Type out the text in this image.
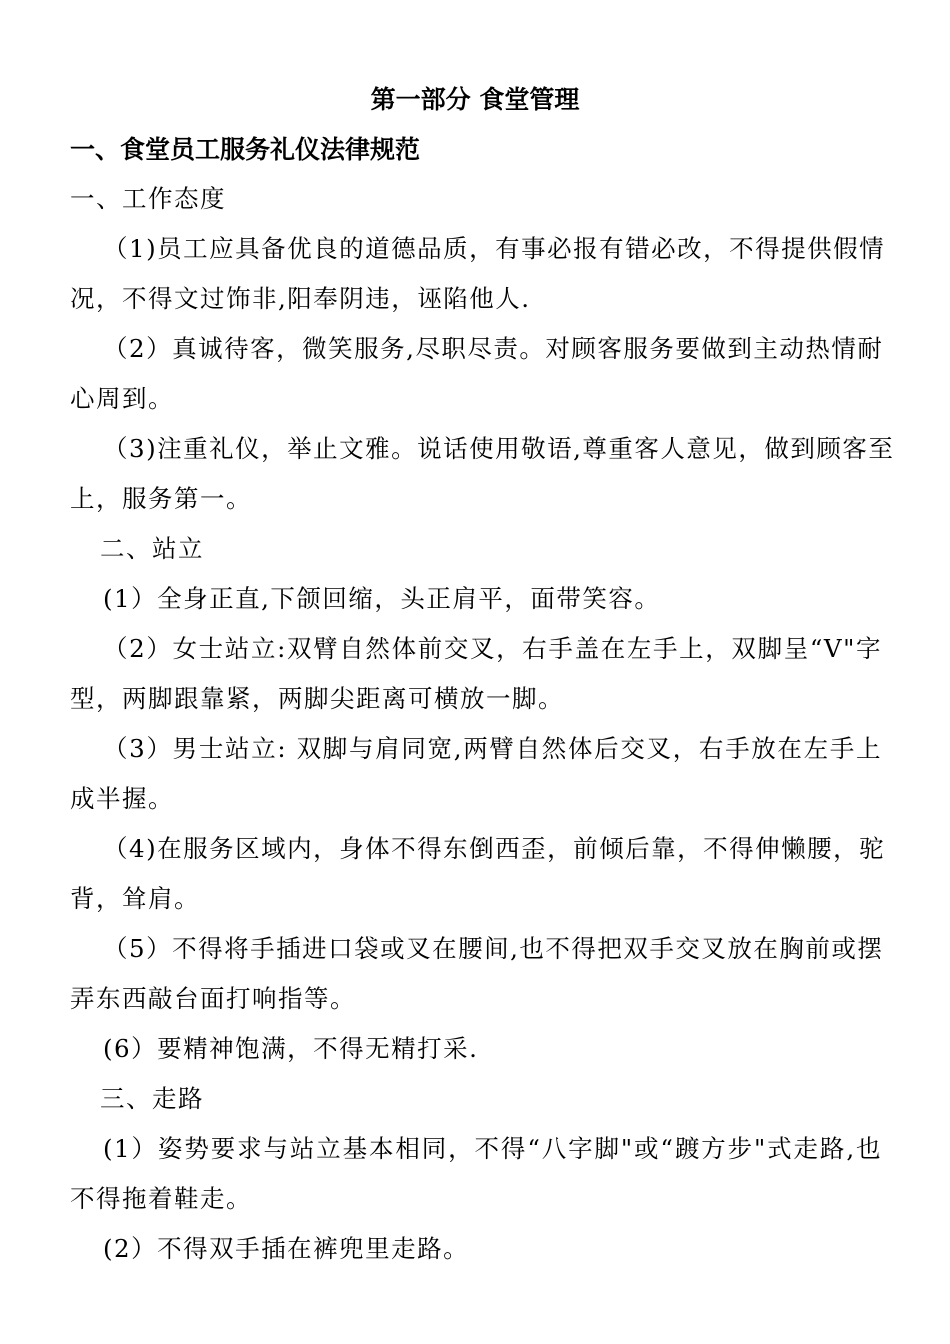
第一部分 食堂管理
一、食堂员工服务礼仪法律规范
一、工作态度
（1)员工应具备优良的道德品质，有事必报有错必改，不得提供假情
况，不得文过饰非,阳奉阴违，诬陷他人.
（2）真诚待客，微笑服务,尽职尽责。对顾客服务要做到主动热情耐
心周到。
（3)注重礼仪，举止文雅。说话使用敬语,尊重客人意见，做到顾客至
上，服务第一。
二、站立
(1）全身正直,下颌回缩，头正肩平，面带笑容。
（2）女士站立:双臂自然体前交叉，右手盖在左手上，双脚呈“V"字
型，两脚跟靠紧，两脚尖距离可横放一脚。
（3）男士站立: 双脚与肩同宽,两臂自然体后交叉，右手放在左手上
成半握。
（4)在服务区域内，身体不得东倒西歪，前倾后靠，不得伸懒腰，驼
背，耸肩。
（5）不得将手插进口袋或叉在腰间,也不得把双手交叉放在胸前或摆
弄东西敲台面打响指等。
(6）要精神饱满，不得无精打采.
三、走路
(1）姿势要求与站立基本相同，不得“八字脚"或“踱方步"式走路,也
不得拖着鞋走。
(2）不得双手插在裤兜里走路。
